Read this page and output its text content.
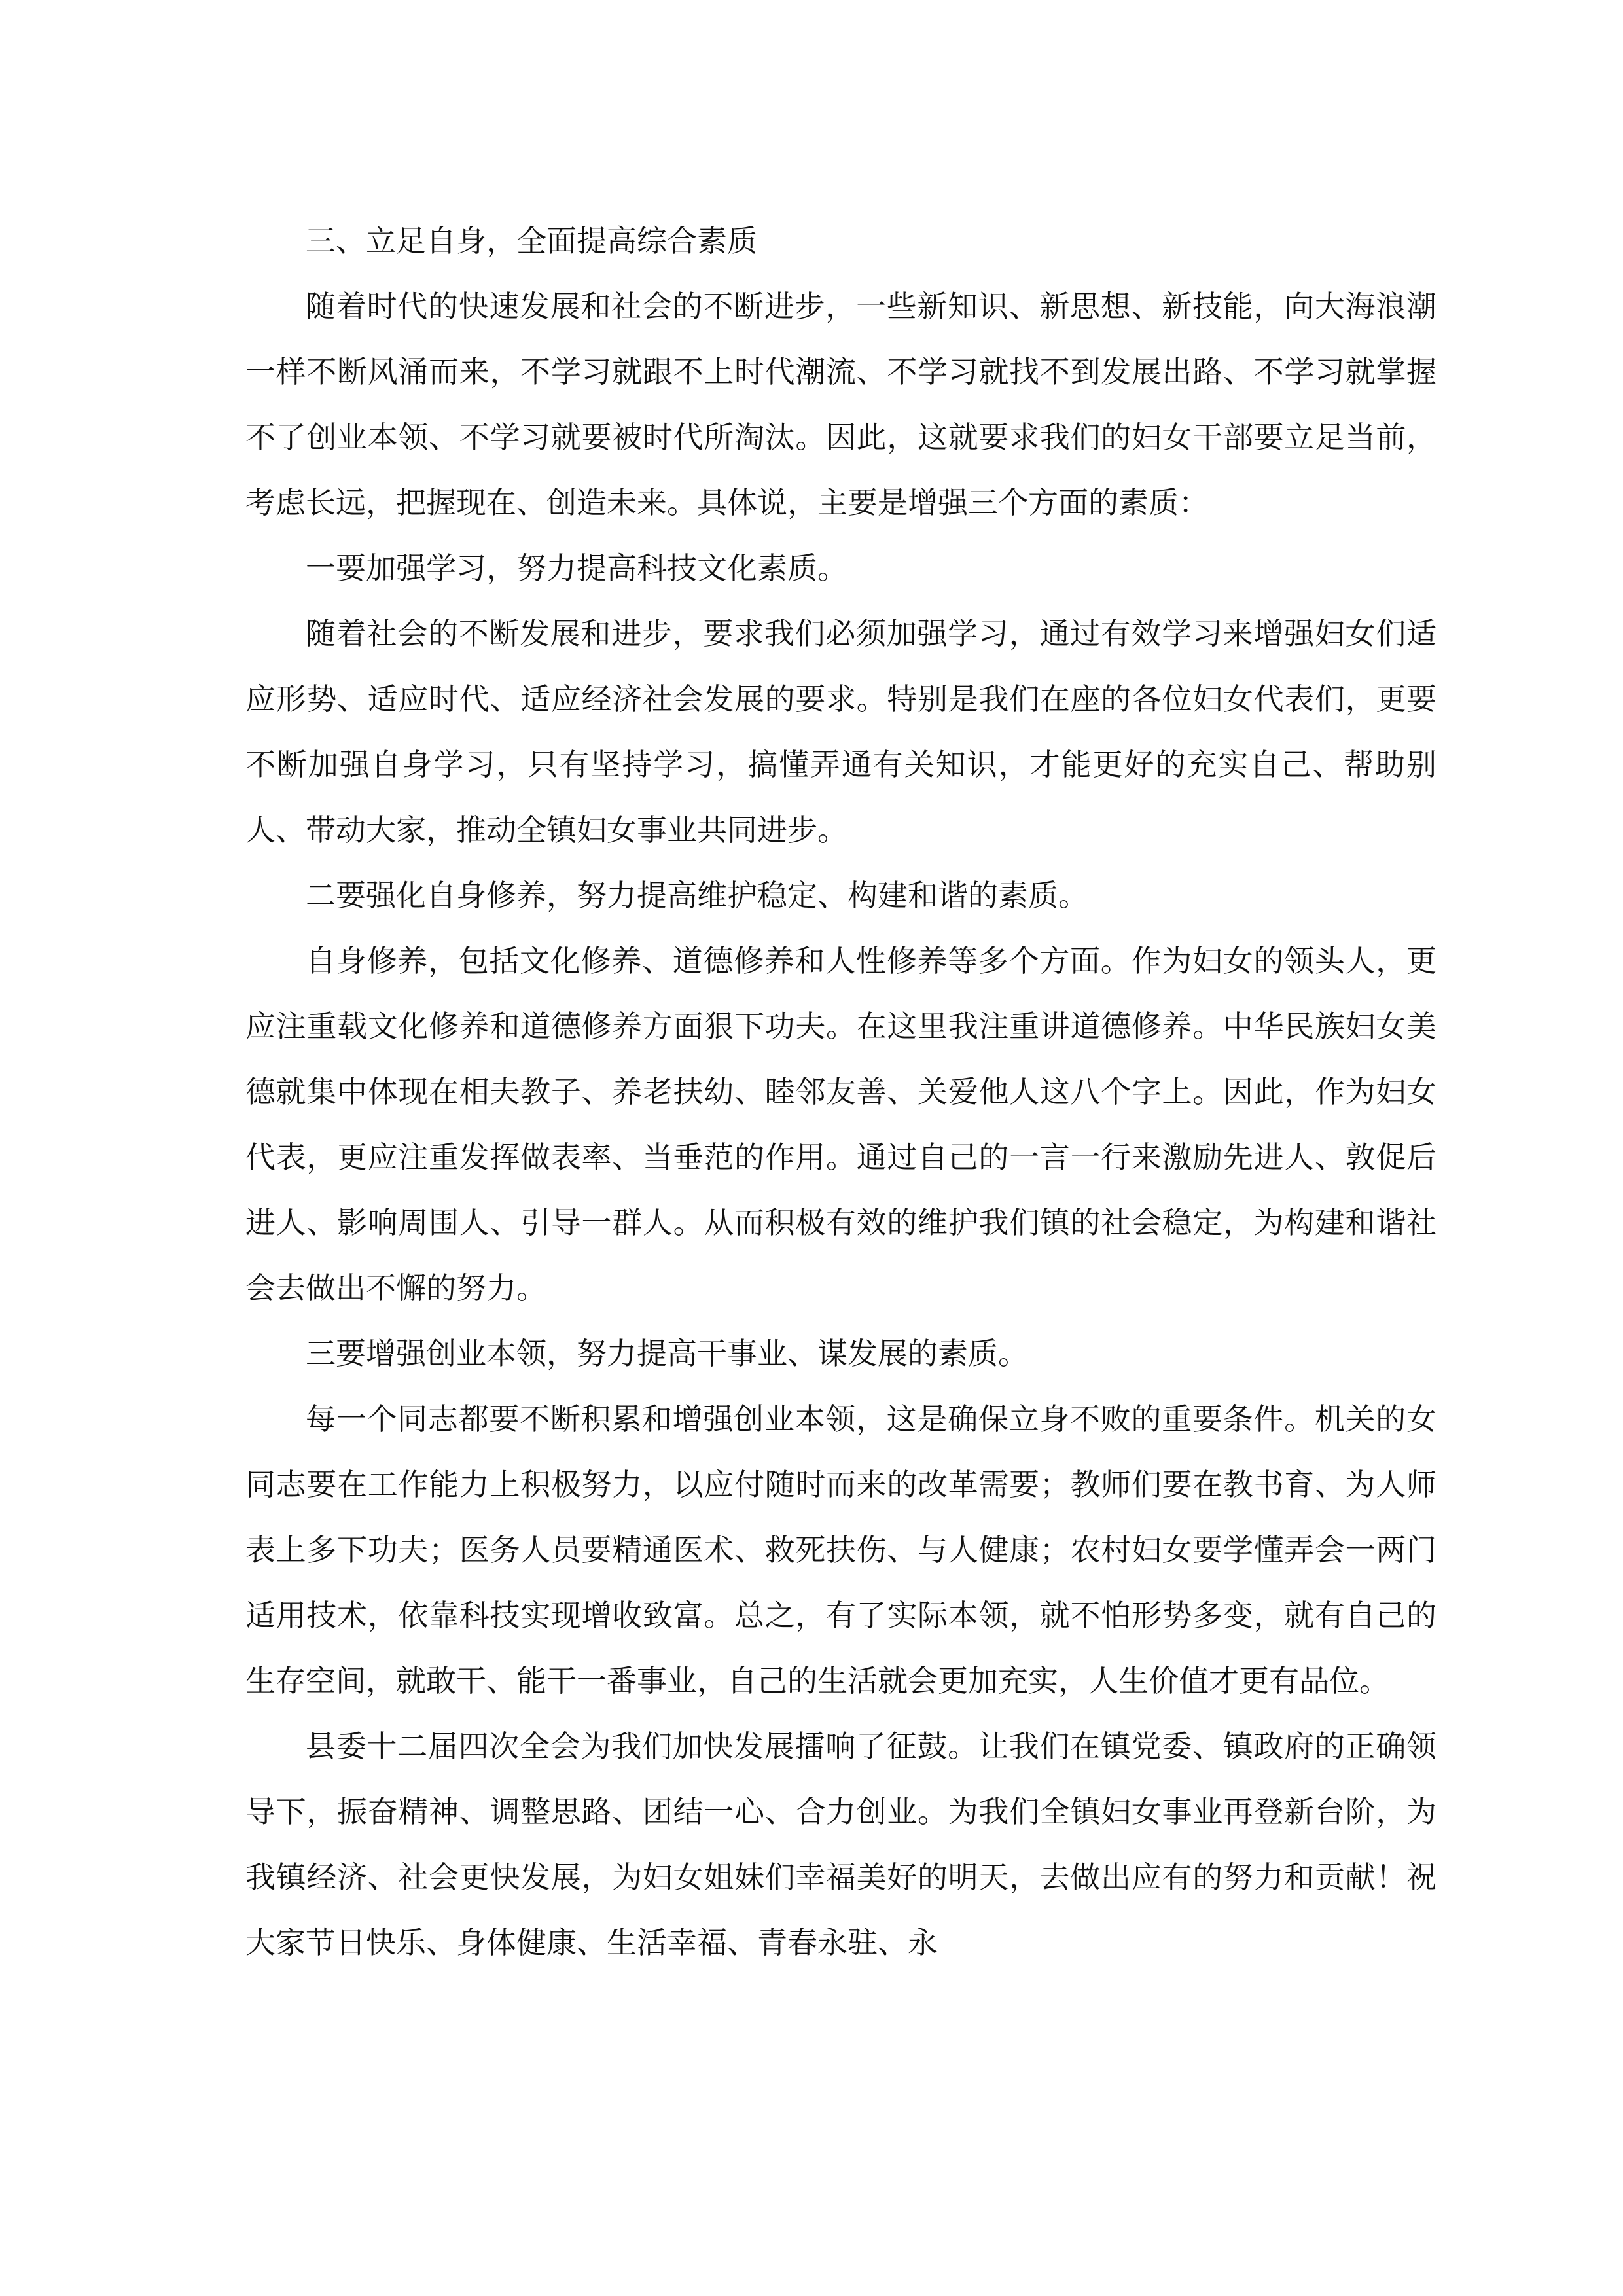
三、立足自身，全面提高综合素质

随着时代的快速发展和社会的不断进步，一些新知识、新思想、新技能，向大海浪潮一样不断风涌而来，不学习就跟不上时代潮流、不学习就找不到发展出路、不学习就掌握不了创业本领、不学习就要被时代所淘汰。因此，这就要求我们的妇女干部要立足当前，考虑长远，把握现在、创造未来。具体说，主要是增强三个方面的素质：

一要加强学习，努力提高科技文化素质。

随着社会的不断发展和进步，要求我们必须加强学习，通过有效学习来增强妇女们适应形势、适应时代、适应经济社会发展的要求。特别是我们在座的各位妇女代表们，更要不断加强自身学习，只有坚持学习，搞懂弄通有关知识，才能更好的充实自己、帮助别人、带动大家，推动全镇妇女事业共同进步。

二要强化自身修养，努力提高维护稳定、构建和谐的素质。

自身修养，包括文化修养、道德修养和人性修养等多个方面。作为妇女的领头人，更应注重载文化修养和道德修养方面狠下功夫。在这里我注重讲道德修养。中华民族妇女美德就集中体现在相夫教子、养老扶幼、睦邻友善、关爱他人这八个字上。因此，作为妇女代表，更应注重发挥做表率、当垂范的作用。通过自己的一言一行来激励先进人、敦促后进人、影响周围人、引导一群人。从而积极有效的维护我们镇的社会稳定，为构建和谐社会去做出不懈的努力。

三要增强创业本领，努力提高干事业、谋发展的素质。

每一个同志都要不断积累和增强创业本领，这是确保立身不败的重要条件。机关的女同志要在工作能力上积极努力，以应付随时而来的改革需要；教师们要在教书育、为人师表上多下功夫；医务人员要精通医术、救死扶伤、与人健康；农村妇女要学懂弄会一两门适用技术，依靠科技实现增收致富。总之，有了实际本领，就不怕形势多变，就有自己的生存空间，就敢干、能干一番事业，自己的生活就会更加充实，人生价值才更有品位。

县委十二届四次全会为我们加快发展擂响了征鼓。让我们在镇党委、镇政府的正确领导下，振奋精神、调整思路、团结一心、合力创业。为我们全镇妇女事业再登新台阶，为我镇经济、社会更快发展，为妇女姐妹们幸福美好的明天，去做出应有的努力和贡献！祝大家节日快乐、身体健康、生活幸福、青春永驻、永
